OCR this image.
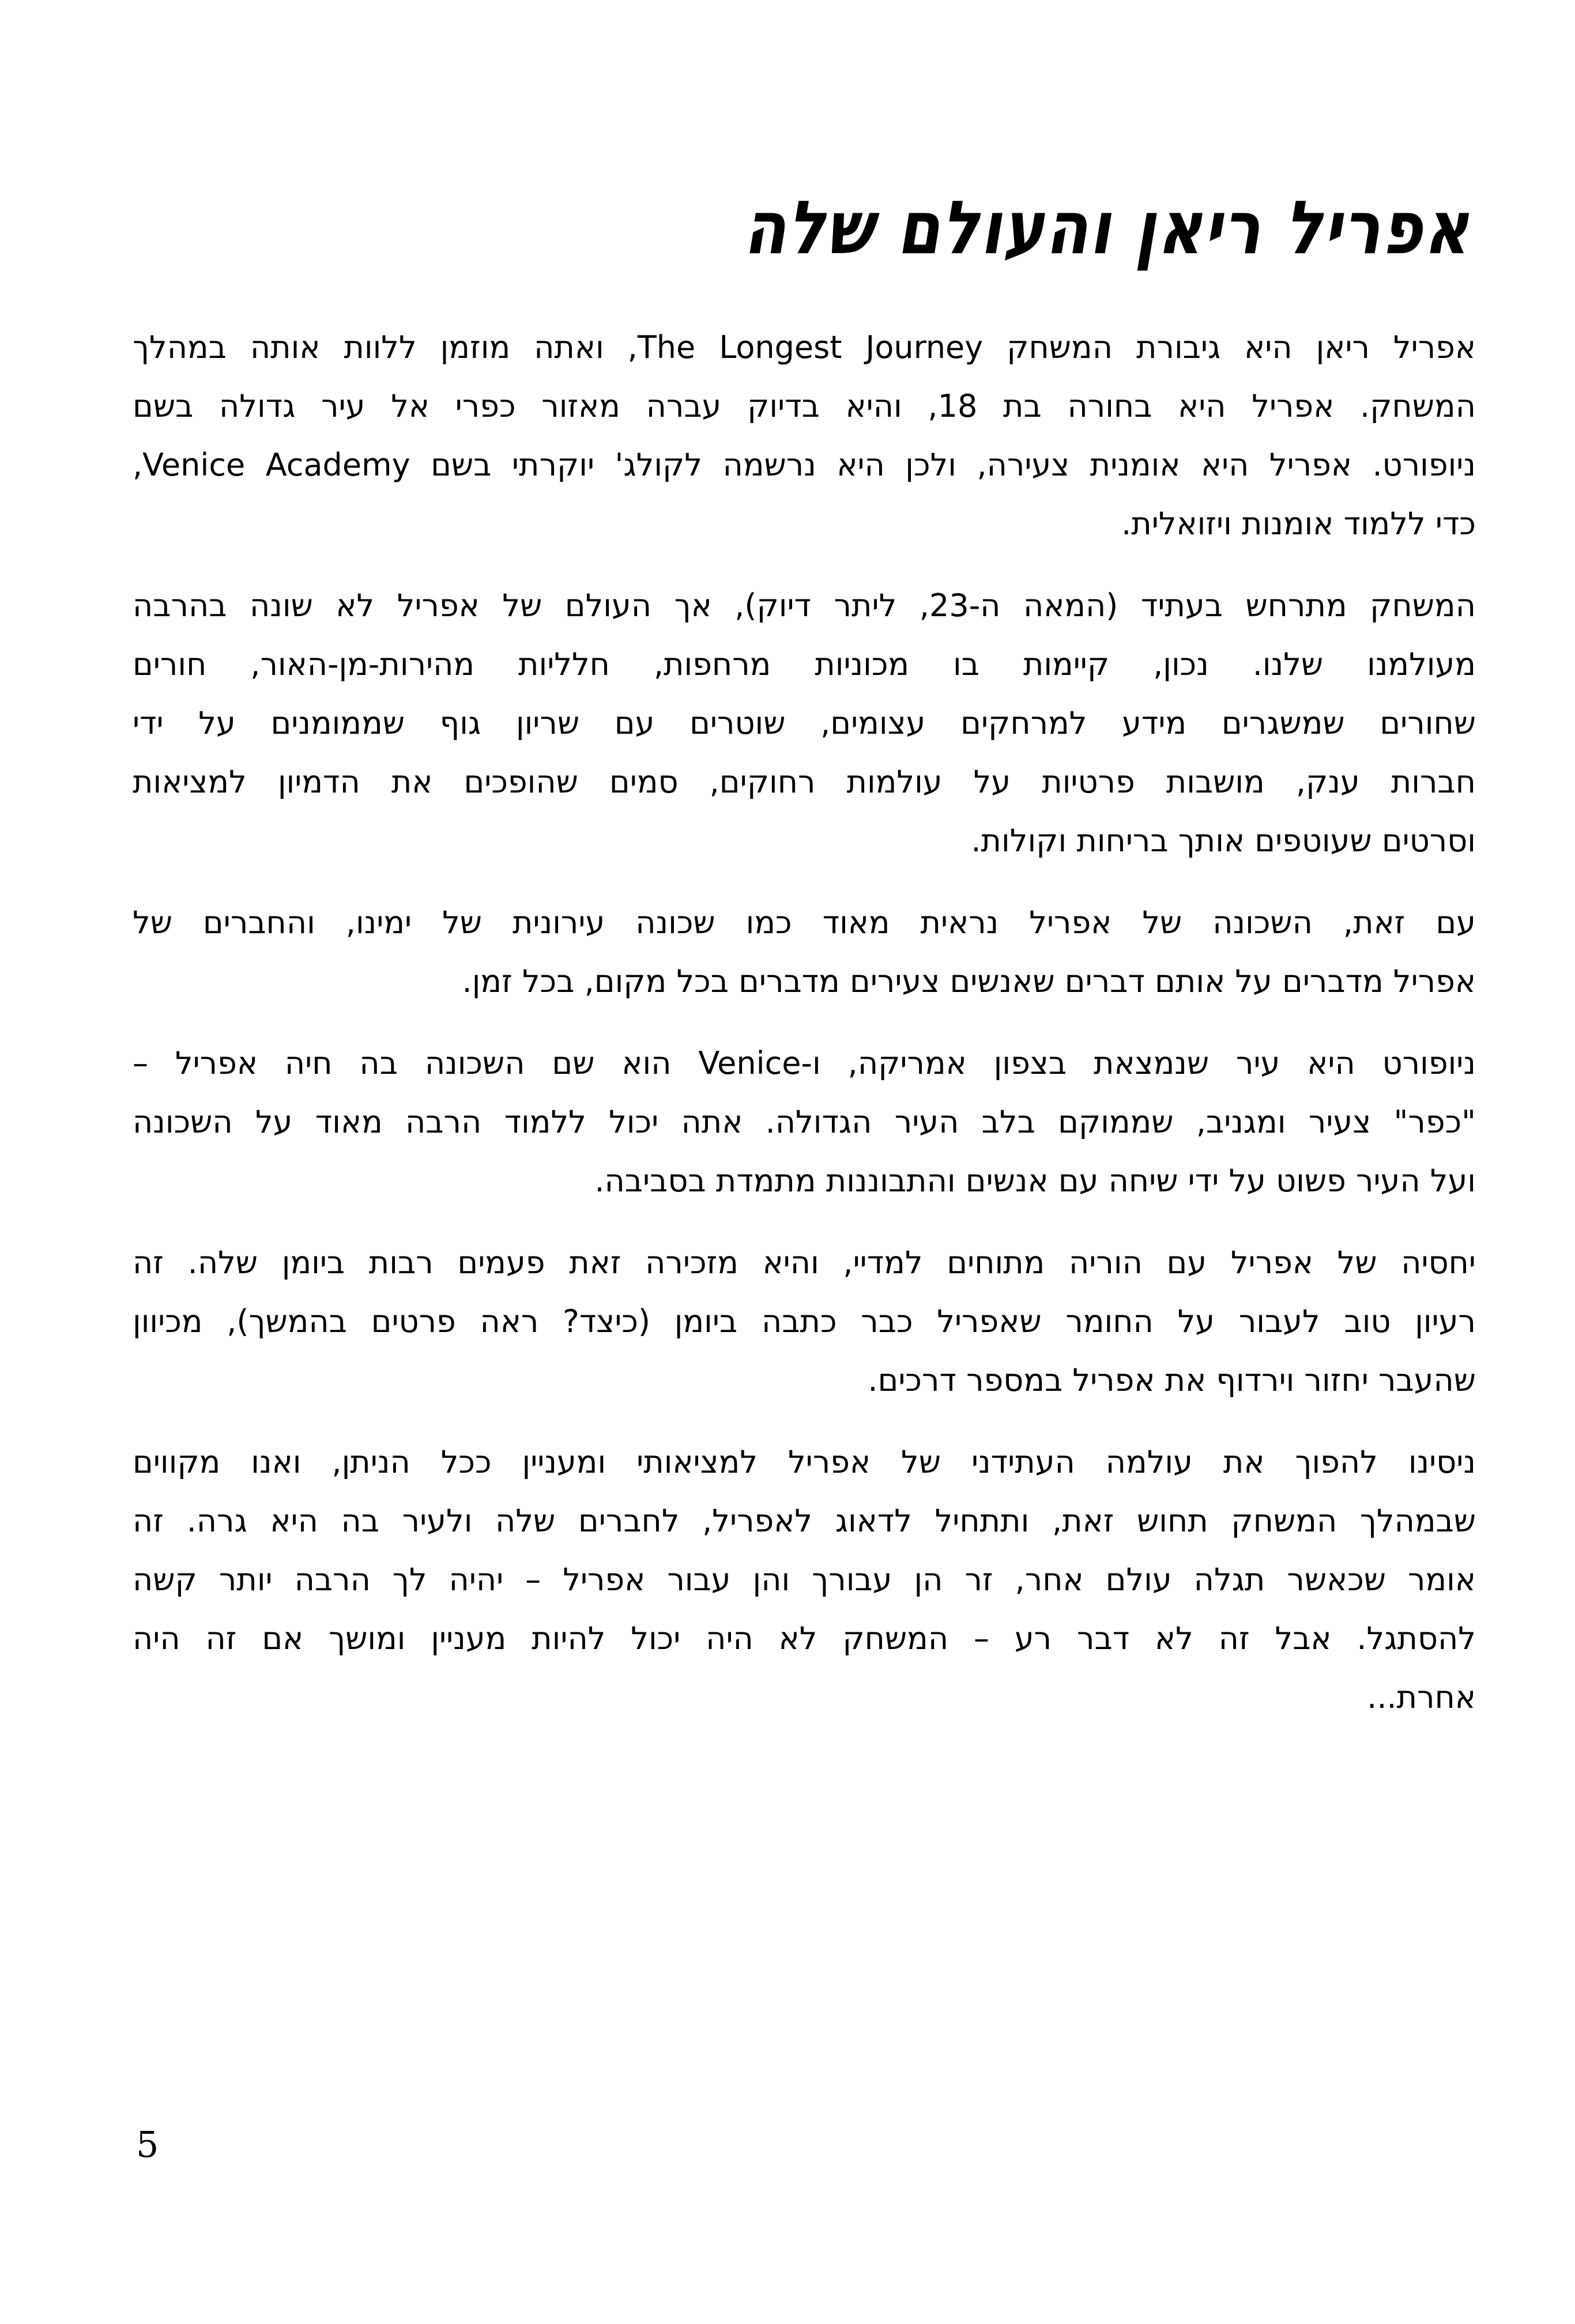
אפריל ריאן והעולם שלה
אפריל ריאן היא גיבורת המשחק The Longest Journey, ואתה מוזמן ללוות אותה במהלך
המשחק. אפריל היא בחורה בת 18, והיא בדיוק עברה מאזור כפרי אל עיר גדולה בשם
ניופורט. אפריל היא אומנית צעירה, ולכן היא נרשמה לקולג' יוקרתי בשם Venice Academy,
כדי ללמוד אומנות ויזואלית.
המשחק מתרחש בעתיד (המאה ה-23, ליתר דיוק), אך העולם של אפריל לא שונה בהרבה
מעולמנו שלנו. נכון, קיימות בו מכוניות מרחפות, חלליות מהירות-מן-האור, חורים
שחורים שמשגרים מידע למרחקים עצומים, שוטרים עם שריון גוף שממומנים על ידי
חברות ענק, מושבות פרטיות על עולמות רחוקים, סמים שהופכים את הדמיון למציאות
וסרטים שעוטפים אותך בריחות וקולות.
עם זאת, השכונה של אפריל נראית מאוד כמו שכונה עירונית של ימינו, והחברים של
אפריל מדברים על אותם דברים שאנשים צעירים מדברים בכל מקום, בכל זמן.
ניופורט היא עיר שנמצאת בצפון אמריקה, ו-Venice הוא שם השכונה בה חיה אפריל –
"כפר" צעיר ומגניב, שממוקם בלב העיר הגדולה. אתה יכול ללמוד הרבה מאוד על השכונה
ועל העיר פשוט על ידי שיחה עם אנשים והתבוננות מתמדת בסביבה.
יחסיה של אפריל עם הוריה מתוחים למדיי, והיא מזכירה זאת פעמים רבות ביומן שלה. זה
רעיון טוב לעבור על החומר שאפריל כבר כתבה ביומן (כיצד? ראה פרטים בהמשך), מכיוון
שהעבר יחזור וירדוף את אפריל במספר דרכים.
ניסינו להפוך את עולמה העתידני של אפריל למציאותי ומעניין ככל הניתן, ואנו מקווים
שבמהלך המשחק תחוש זאת, ותתחיל לדאוג לאפריל, לחברים שלה ולעיר בה היא גרה. זה
אומר שכאשר תגלה עולם אחר, זר הן עבורך והן עבור אפריל – יהיה לך הרבה יותר קשה
להסתגל. אבל זה לא דבר רע – המשחק לא היה יכול להיות מעניין ומושך אם זה היה
אחרת...
5
